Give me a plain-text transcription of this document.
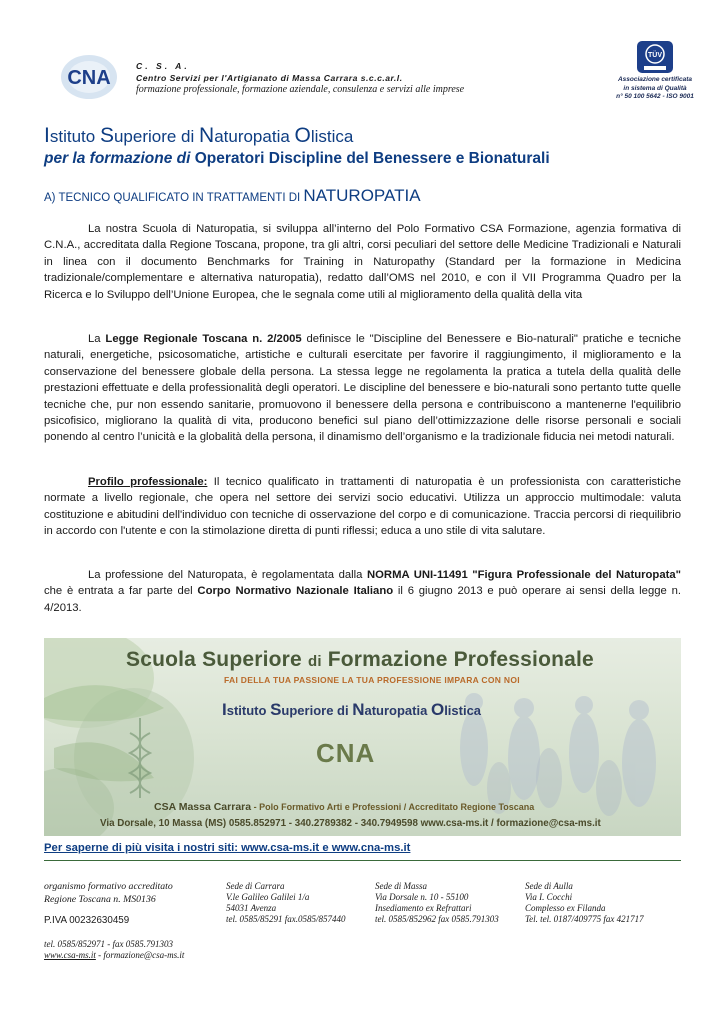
CNA
C. S. A.
Centro Servizi per l'Artigianato di Massa Carrara s.c.c.ar.l.
formazione professionale, formazione aziendale, consulenza e servizi alle imprese
TÜV
Associazione certificata
in sistema di Qualità
n° 50 100 5642 - ISO 9001
Istituto Superiore di Naturopatia Olistica
per la formazione di Operatori Discipline del Benessere e Bionaturali
A) TECNICO QUALIFICATO IN TRATTAMENTI DI NATUROPATIA
La nostra Scuola di Naturopatia, si sviluppa all’interno del Polo Formativo CSA Formazione, agenzia formativa di C.N.A., accreditata dalla Regione Toscana, propone, tra gli altri, corsi peculiari del settore delle Medicine Tradizionali e Naturali in linea con il documento Benchmarks for Training in Naturopathy (Standard per la formazione in Medicina tradizionale/complementare e alternativa naturopatia), redatto dall’OMS nel 2010, e con il VII Programma Quadro per la Ricerca e lo Sviluppo dell’Unione Europea, che le segnala come utili al miglioramento della qualità della vita
La Legge Regionale Toscana n. 2/2005 definisce le "Discipline del Benessere e Bio-naturali" pratiche e tecniche naturali, energetiche, psicosomatiche, artistiche e culturali esercitate per favorire il raggiungimento, il miglioramento e la conservazione del benessere globale della persona. La stessa legge ne regolamenta la pratica a tutela della qualità delle prestazioni effettuate e della professionalità degli operatori. Le discipline del benessere e bio-naturali sono pertanto tutte quelle tecniche che, pur non essendo sanitarie, promuovono il benessere della persona e contribuiscono a mantenerne l'equilibrio psicofisico, migliorano la qualità di vita, producono benefici sul piano dell’ottimizzazione delle risorse personali e sociali ponendo al centro l’unicità e la globalità della persona, il dinamismo dell’organismo e la tradizionale fiducia nei metodi naturali.
Profilo professionale: Il tecnico qualificato in trattamenti di naturopatia è un professionista con caratteristiche normate a livello regionale, che opera nel settore dei servizi socio educativi. Utilizza un approccio multimodale: valuta costituzione e abitudini dell'individuo con tecniche di osservazione del corpo e di comunicazione. Traccia percorsi di riequilibrio in accordo con l'utente e con la stimolazione diretta di punti riflessi; educa a uno stile di vita salutare.
La professione del Naturopata, è regolamentata dalla NORMA UNI-11491 "Figura Professionale del Naturopata" che è entrata a far parte del Corpo Normativo Nazionale Italiano il 6 giugno 2013 e può operare ai sensi della legge n. 4/2013.
Scuola Superiore di Formazione Professionale
FAI DELLA TUA PASSIONE LA TUA PROFESSIONE IMPARA CON NOI
Istituto Superiore di Naturopatia Olistica
CNA
CSA Massa Carrara - Polo Formativo Arti e Professioni / Accreditato Regione Toscana
Via Dorsale, 10 Massa (MS) 0585.852971 - 340.2789382 - 340.7949598 www.csa-ms.it / formazione@csa-ms.it
Per saperne di più visita i nostri siti: www.csa-ms.it e www.cna-ms.it
organismo formativo accreditato
Regione Toscana n. MS0136
P.IVA 00232630459
tel. 0585/852971 - fax 0585.791303
www.csa-ms.it - formazione@csa-ms.it
Sede di Carrara
V.le Galileo Galilei 1/a
54031 Avenza
tel. 0585/85291 fax.0585/857440
Sede di Massa
Via Dorsale n. 10 - 55100
Insediamento ex Refrattari
tel. 0585/852962 fax 0585.791303
Sede di Aulla
Via I. Cocchi
Complesso ex Filanda
Tel. tel. 0187/409775 fax 421717
